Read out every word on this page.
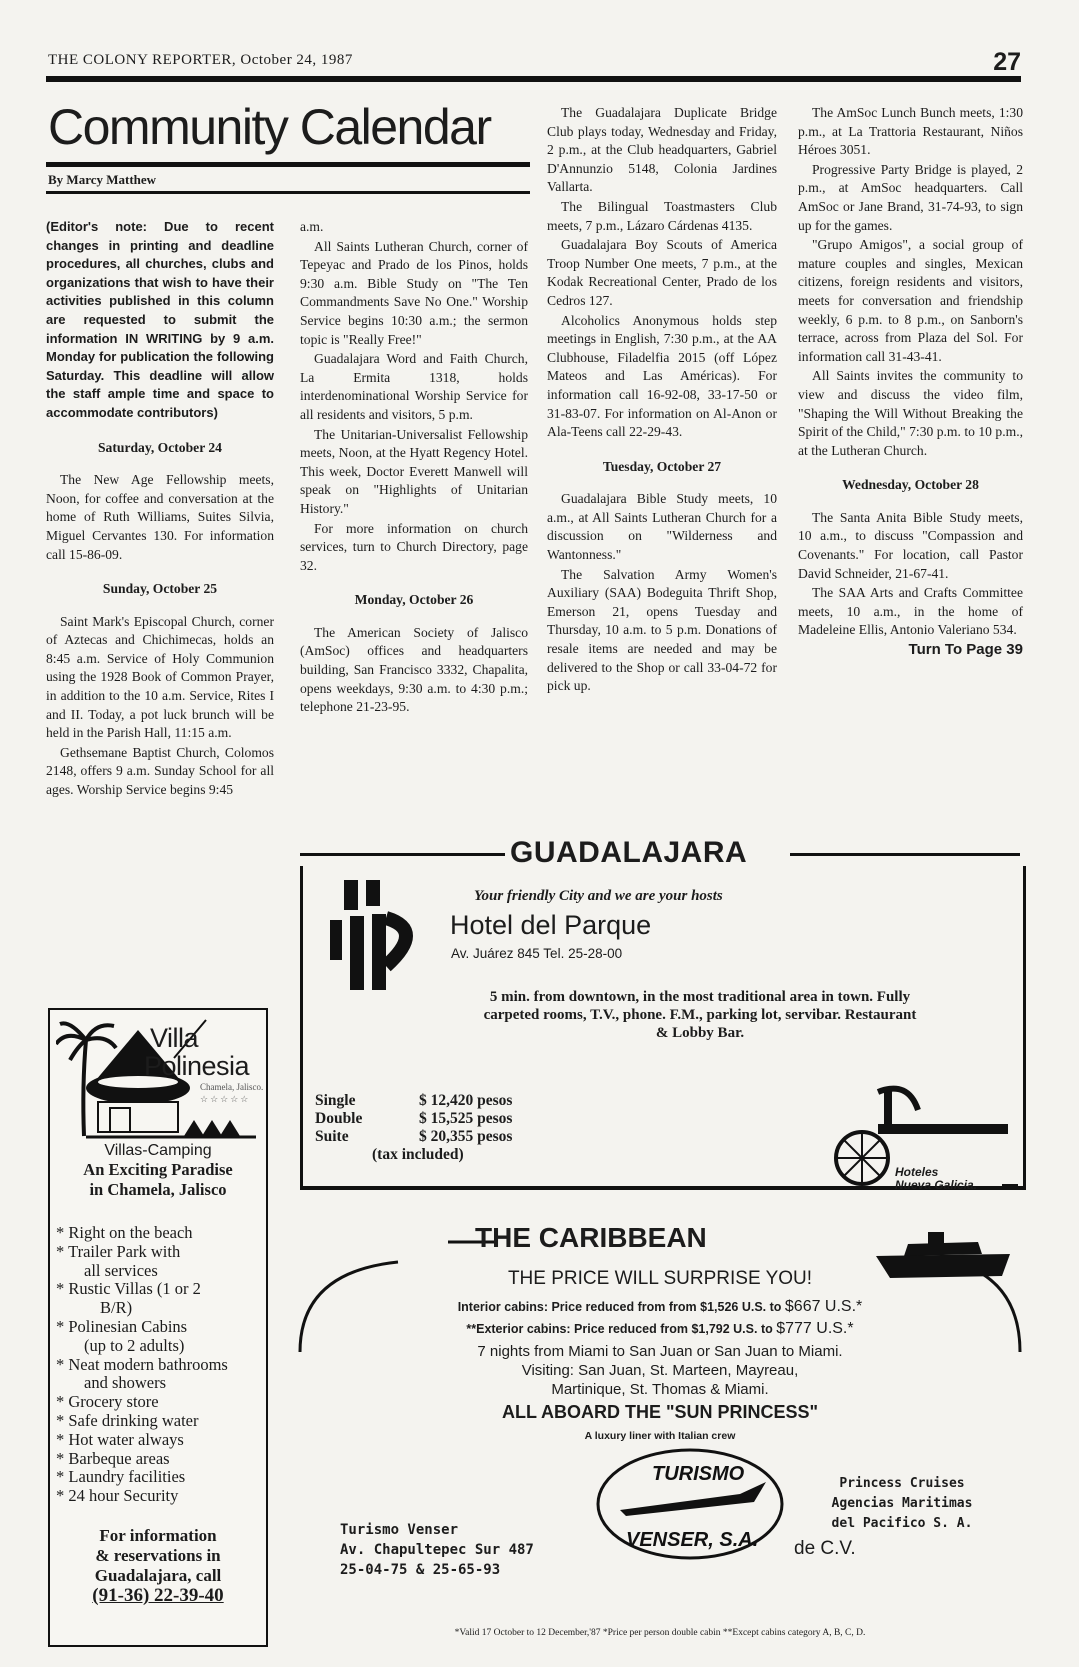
THE COLONY REPORTER, October 24, 1987	27
Community Calendar
By Marcy Matthew

(Editor's note: Due to recent changes in printing and deadline procedures, all churches, clubs and organizations that wish to have their activities published in this column are requested to submit the information IN WRITING by 9 a.m. Monday for publication the following Saturday. This deadline will allow the staff ample time and space to accommodate contributors)

Saturday, October 24

The New Age Fellowship meets, Noon, for coffee and conversation at the home of Ruth Williams, Suites Silvia, Miguel Cervantes 130. For information call 15-86-09.

Sunday, October 25

Saint Mark's Episcopal Church, corner of Aztecas and Chichimecas, holds an 8:45 a.m. Service of Holy Communion using the 1928 Book of Common Prayer, in addition to the 10 a.m. Service, Rites I and II. Today, a pot luck brunch will be held in the Parish Hall, 11:15 a.m.

Gethsemane Baptist Church, Colomos 2148, offers 9 a.m. Sunday School for all ages. Worship Service begins 9:45

a.m.

All Saints Lutheran Church, corner of Tepeyac and Prado de los Pinos, holds 9:30 a.m. Bible Study on "The Ten Commandments Save No One." Worship Service begins 10:30 a.m.; the sermon topic is "Really Free!"

Guadalajara Word and Faith Church, La Ermita 1318, holds interdenominational Worship Service for all residents and visitors, 5 p.m.

The Unitarian-Universalist Fellowship meets, Noon, at the Hyatt Regency Hotel. This week, Doctor Everett Manwell will speak on "Highlights of Unitarian History."

For more information on church services, turn to Church Directory, page 32.

Monday, October 26

The American Society of Jalisco (AmSoc) offices and headquarters building, San Francisco 3332, Chapalita, opens weekdays, 9:30 a.m. to 4:30 p.m.; telephone 21-23-95.

The Guadalajara Duplicate Bridge Club plays today, Wednesday and Friday, 2 p.m., at the Club headquarters, Gabriel D'Annunzio 5148, Colonia Jardines Vallarta.

The Bilingual Toastmasters Club meets, 7 p.m., Lázaro Cárdenas 4135.

Guadalajara Boy Scouts of America Troop Number One meets, 7 p.m., at the Kodak Recreational Center, Prado de los Cedros 127.

Alcoholics Anonymous holds step meetings in English, 7:30 p.m., at the AA Clubhouse, Filadelfia 2015 (off López Mateos and Las Américas). For information call 16-92-08, 33-17-50 or 31-83-07. For information on Al-Anon or Ala-Teens call 22-29-43.

Tuesday, October 27

Guadalajara Bible Study meets, 10 a.m., at All Saints Lutheran Church for a discussion on "Wilderness and Wantonness."

The Salvation Army Women's Auxiliary (SAA) Bodeguita Thrift Shop, Emerson 21, opens Tuesday and Thursday, 10 a.m. to 5 p.m. Donations of resale items are needed and may be delivered to the Shop or call 33-04-72 for pick up.

The AmSoc Lunch Bunch meets, 1:30 p.m., at La Trattoria Restaurant, Niños Héroes 3051.

Progressive Party Bridge is played, 2 p.m., at AmSoc headquarters. Call AmSoc or Jane Brand, 31-74-93, to sign up for the games.

"Grupo Amigos", a social group of mature couples and singles, Mexican citizens, foreign residents and visitors, meets for conversation and friendship weekly, 6 p.m. to 8 p.m., on Sanborn's terrace, across from Plaza del Sol. For information call 31-43-41.

All Saints invites the community to view and discuss the video film, "Shaping the Will Without Breaking the Spirit of the Child," 7:30 p.m. to 10 p.m., at the Lutheran Church.

Wednesday, October 28

The Santa Anita Bible Study meets, 10 a.m., to discuss "Compassion and Covenants." For location, call Pastor David Schneider, 21-67-41.

The SAA Arts and Crafts Committee meets, 10 a.m., in the home of Madeleine Ellis, Antonio Valeriano 534.

Turn To Page 39

Villa
Polinesia
Chamela, Jalisco.
☆☆☆☆☆
Villas-Camping
An Exciting Paradise
in Chamela, Jalisco
* Right on the beach
* Trailer Park with
all services
* Rustic Villas (1 or 2
B/R)
* Polinesian Cabins
(up to 2 adults)
* Neat modern bathrooms
and showers
* Grocery store
* Safe drinking water
* Hot water always
* Barbeque areas
* Laundry facilities
* 24 hour Security
For information
& reservations in
Guadalajara, call
(91-36) 22-39-40
GUADALAJARA
Your friendly City and we are your hosts
Hotel del Parque
Av. Juárez 845 Tel. 25-28-00
5 min. from downtown, in the most traditional area in town. Fully carpeted rooms, T.V., phone. F.M., parking lot, servibar. Restaurant & Lobby Bar.
Single	$ 12,420 pesos
Double	$ 15,525 pesos
Suite	$ 20,355 pesos
(tax included)
Hoteles
Nueva Galicia.
THE CARIBBEAN
THE PRICE WILL SURPRISE YOU!
Interior cabins: Price reduced from from $1,526 U.S. to $667 U.S.*
**Exterior cabins: Price reduced from $1,792 U.S. to $777 U.S.*
7 nights from Miami to San Juan or San Juan to Miami.
Visiting: San Juan, St. Marteen, Mayreau,
Martinique, St. Thomas & Miami.
ALL ABOARD THE "SUN PRINCESS"
A luxury liner with Italian crew
Turismo Venser
Av. Chapultepec Sur 487
25-04-75 & 25-65-93
TURISMO
VENSER, S.A.
Princess Cruises
Agencias Maritimas
del Pacifico S. A.
de C.V.
*Valid 17 October to 12 December,'87 *Price per person double cabin **Except cabins category A, B, C, D.
